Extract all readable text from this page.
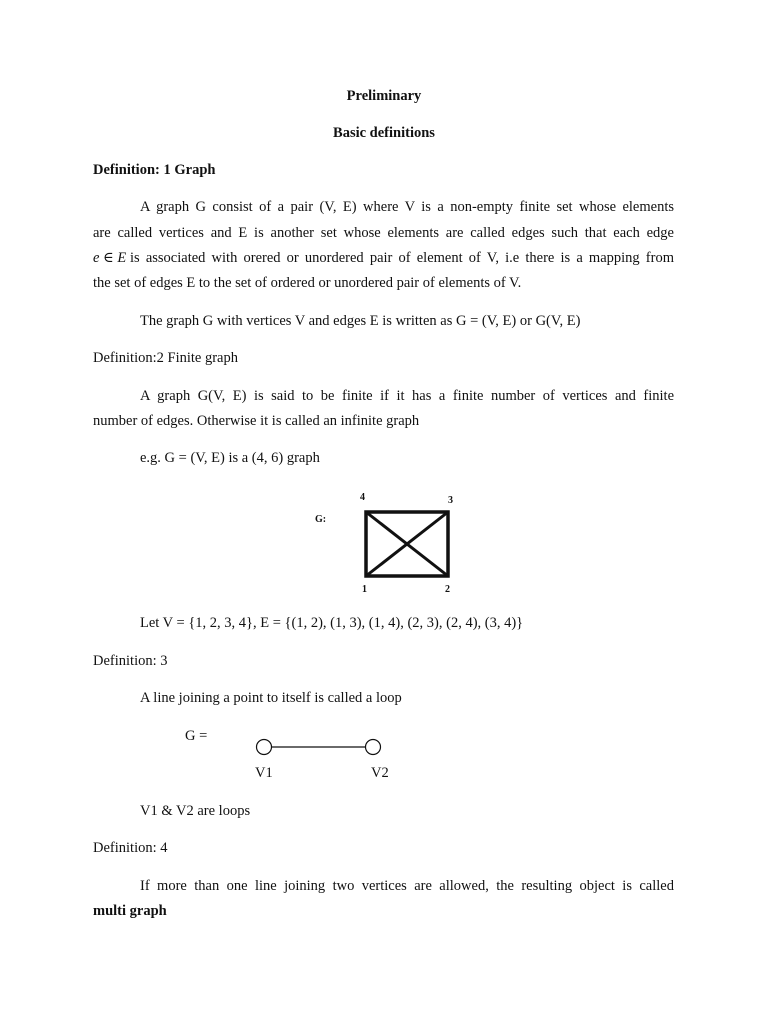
Preliminary
Basic definitions
Definition: 1 Graph
A graph G consist of a pair (V, E) where V is a non-empty finite set whose elements
are called vertices and E is another set whose elements are called edges such that each edge
e ∈ E is associated with orered or unordered pair of element of V, i.e there is a mapping from
the set of edges E to the set of ordered or unordered pair of elements of V.
The graph G with vertices V and edges E is written as G = (V, E) or G(V, E)
Definition:2 Finite graph
A graph G(V, E) is said to be finite if it has a finite number of vertices and finite
number of edges. Otherwise it is called an infinite graph
e.g. G = (V, E) is a (4, 6) graph
G:
4	3
1	2
Let V = {1, 2, 3, 4}, E = {(1, 2), (1, 3), (1, 4), (2, 3), (2, 4), (3, 4)}
Definition: 3
A line joining a point to itself is called a loop
G =
V1	V2
V1 & V2 are loops
Definition: 4
If more than one line joining two vertices are allowed, the resulting object is called
multi graph
